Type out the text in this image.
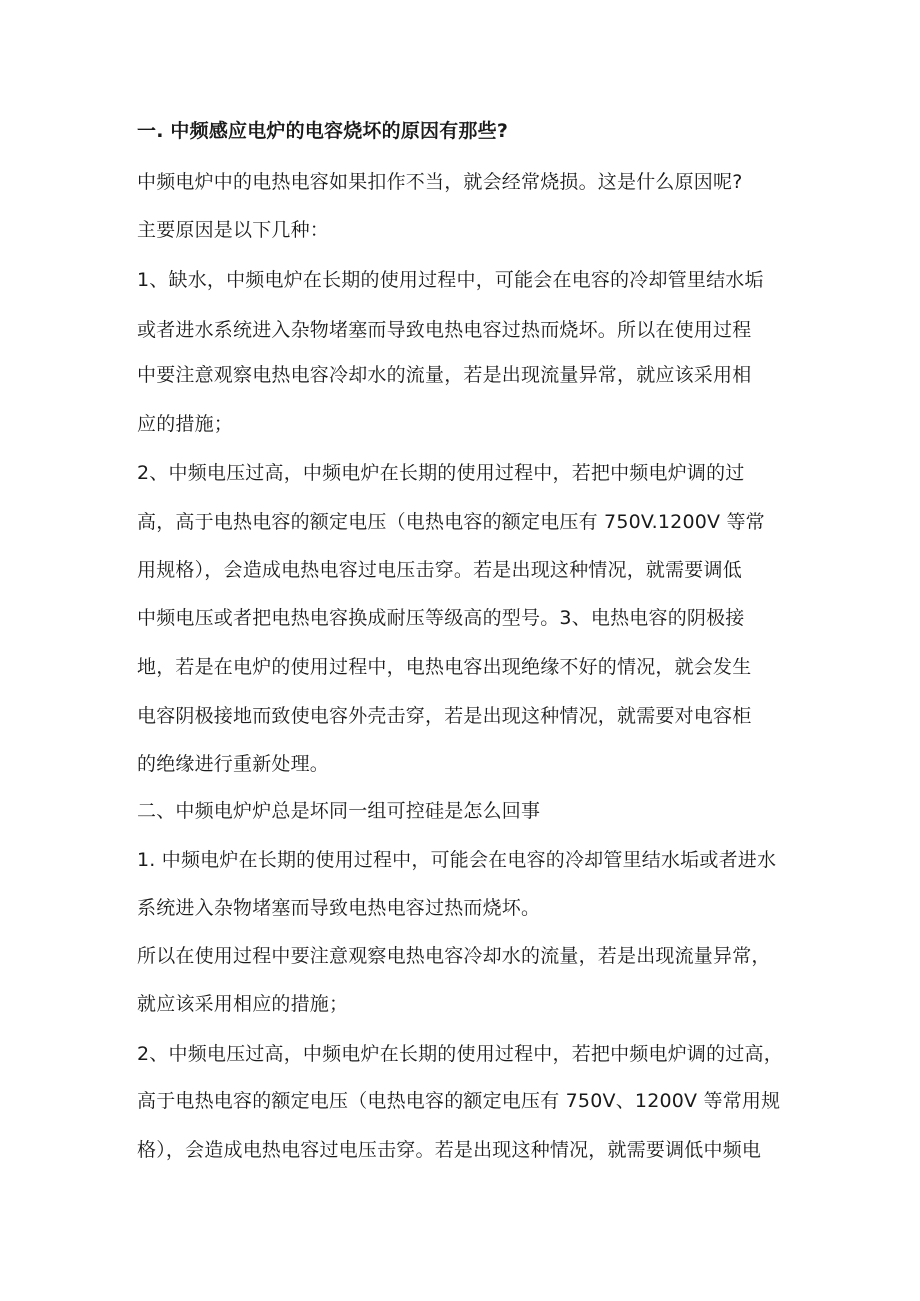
一. 中频感应电炉的电容烧坏的原因有那些?
中频电炉中的电热电容如果扣作不当，就会经常烧损。这是什么原因呢?
主要原因是以下几种：
1、缺水，中频电炉在长期的使用过程中，可能会在电容的冷却管里结水垢
或者进水系统进入杂物堵塞而导致电热电容过热而烧坏。所以在使用过程
中要注意观察电热电容冷却水的流量，若是出现流量异常，就应该采用相
应的措施；
2、中频电压过高，中频电炉在长期的使用过程中，若把中频电炉调的过
高，高于电热电容的额定电压（电热电容的额定电压有 750V.1200V 等常
用规格），会造成电热电容过电压击穿。若是出现这种情况，就需要调低
中频电压或者把电热电容换成耐压等级高的型号。3、电热电容的阴极接
地，若是在电炉的使用过程中，电热电容出现绝缘不好的情况，就会发生
电容阴极接地而致使电容外壳击穿，若是出现这种情况，就需要对电容柜
的绝缘进行重新处理。
二、中频电炉炉总是坏同一组可控硅是怎么回事
1. 中频电炉在长期的使用过程中，可能会在电容的冷却管里结水垢或者进水
系统进入杂物堵塞而导致电热电容过热而烧坏。
所以在使用过程中要注意观察电热电容冷却水的流量，若是出现流量异常，
就应该采用相应的措施；
2、中频电压过高，中频电炉在长期的使用过程中，若把中频电炉调的过高，
高于电热电容的额定电压（电热电容的额定电压有 750V、1200V 等常用规
格），会造成电热电容过电压击穿。若是出现这种情况，就需要调低中频电
